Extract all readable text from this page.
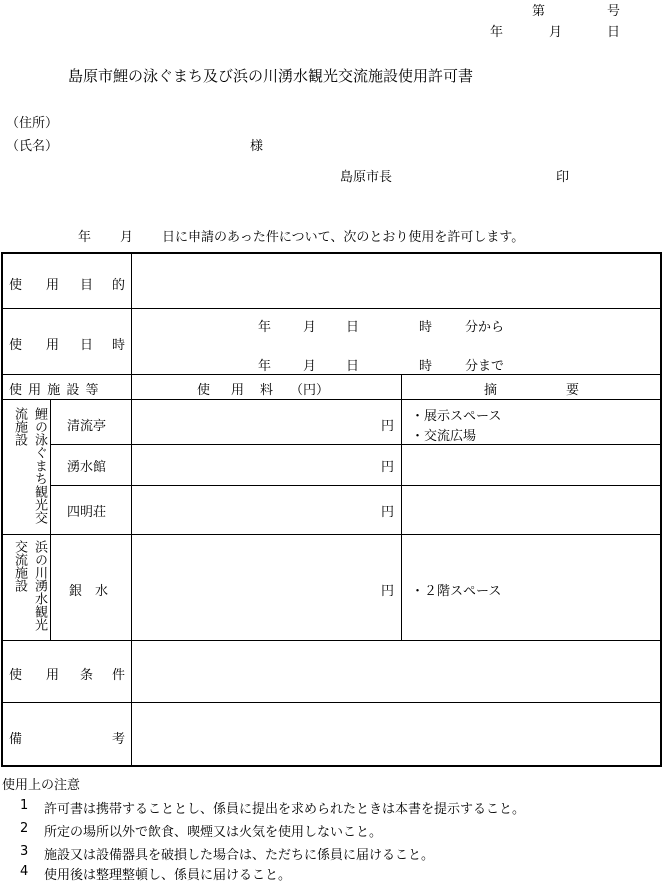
第	号
年	月	日
島原市鯉の泳ぐまち及び浜の川湧水観光交流施設使用許可書
（住所）
（氏名）	様
島原市長	印
年 月 日に申請のあった件について、次のとおり使用を許可します。
使 用 目 的
使 用 日 時
年 月 日	時	分から
年 月 日	時	分まで
使 用 施 設 等	使 用 料 （円）	摘	要
鯉の泳ぐまち観光交流施設	清流亭	円
・展示スペース
・交流広場
湧水館	円
四明荘	円
浜の川湧水観光交流施設	銀　水	円 ・２階スペース
使 用 条 件
備	考
使用上の注意
1 許可書は携帯することとし、係員に提出を求められたときは本書を提示すること。
2 所定の場所以外で飲食、喫煙又は火気を使用しないこと。
3 施設又は設備器具を破損した場合は、ただちに係員に届けること。
4 使用後は整理整頓し、係員に届けること。
